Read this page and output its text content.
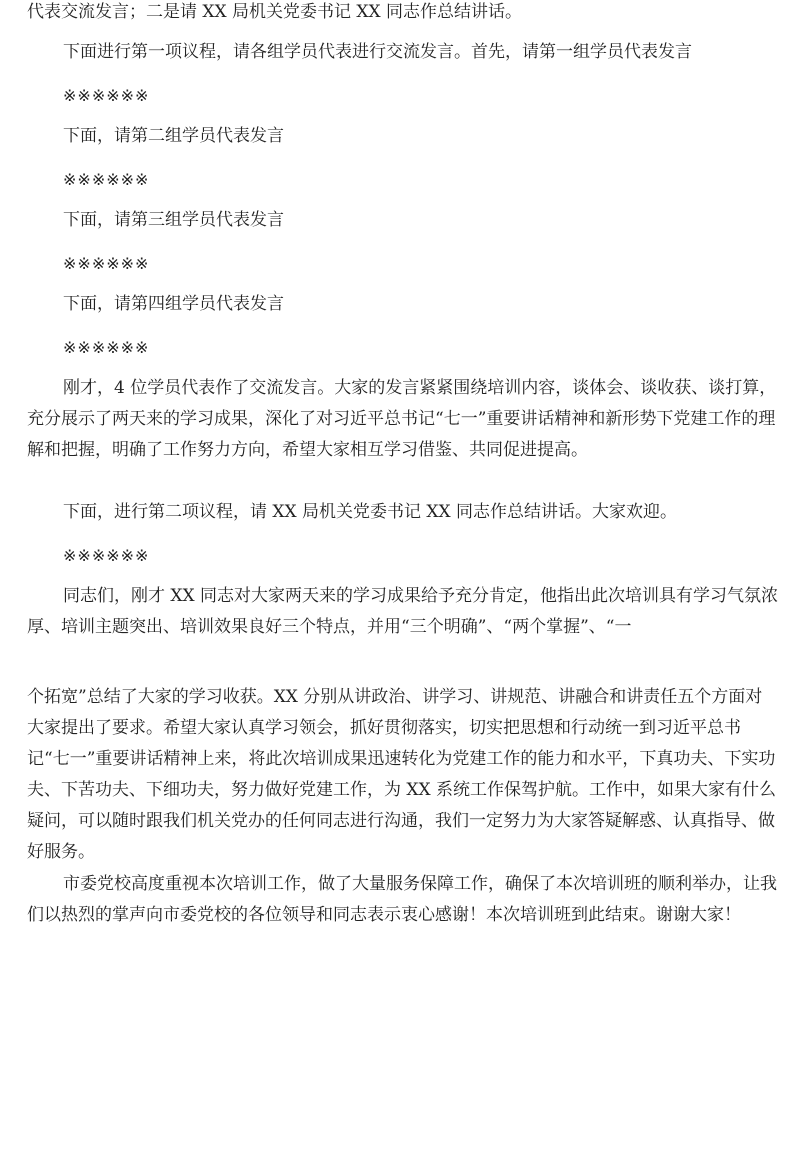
代表交流发言；二是请 XX 局机关党委书记 XX 同志作总结讲话。

下面进行第一项议程，请各组学员代表进行交流发言。首先，请第一组学员代表发言

※※※※※※

下面，请第二组学员代表发言

※※※※※※

下面，请第三组学员代表发言

※※※※※※

下面，请第四组学员代表发言

※※※※※※

刚才，4 位学员代表作了交流发言。大家的发言紧紧围绕培训内容，谈体会、谈收获、谈打算，充分展示了两天来的学习成果，深化了对习近平总书记“七一”重要讲话精神和新形势下党建工作的理解和把握，明确了工作努力方向，希望大家相互学习借鉴、共同促进提高。

下面，进行第二项议程，请 XX 局机关党委书记 XX 同志作总结讲话。大家欢迎。

※※※※※※

同志们，刚才 XX 同志对大家两天来的学习成果给予充分肯定，他指出此次培训具有学习气氛浓厚、培训主题突出、培训效果良好三个特点，并用“三个明确”、“两个掌握”、“一

个拓宽”总结了大家的学习收获。XX 分别从讲政治、讲学习、讲规范、讲融合和讲责任五个方面对大家提出了要求。希望大家认真学习领会，抓好贯彻落实，切实把思想和行动统一到习近平总书记“七一”重要讲话精神上来，将此次培训成果迅速转化为党建工作的能力和水平，下真功夫、下实功夫、下苦功夫、下细功夫，努力做好党建工作，为 XX 系统工作保驾护航。工作中，如果大家有什么疑问，可以随时跟我们机关党办的任何同志进行沟通，我们一定努力为大家答疑解惑、认真指导、做好服务。

市委党校高度重视本次培训工作，做了大量服务保障工作，确保了本次培训班的顺利举办，让我们以热烈的掌声向市委党校的各位领导和同志表示衷心感谢！本次培训班到此结束。谢谢大家！
